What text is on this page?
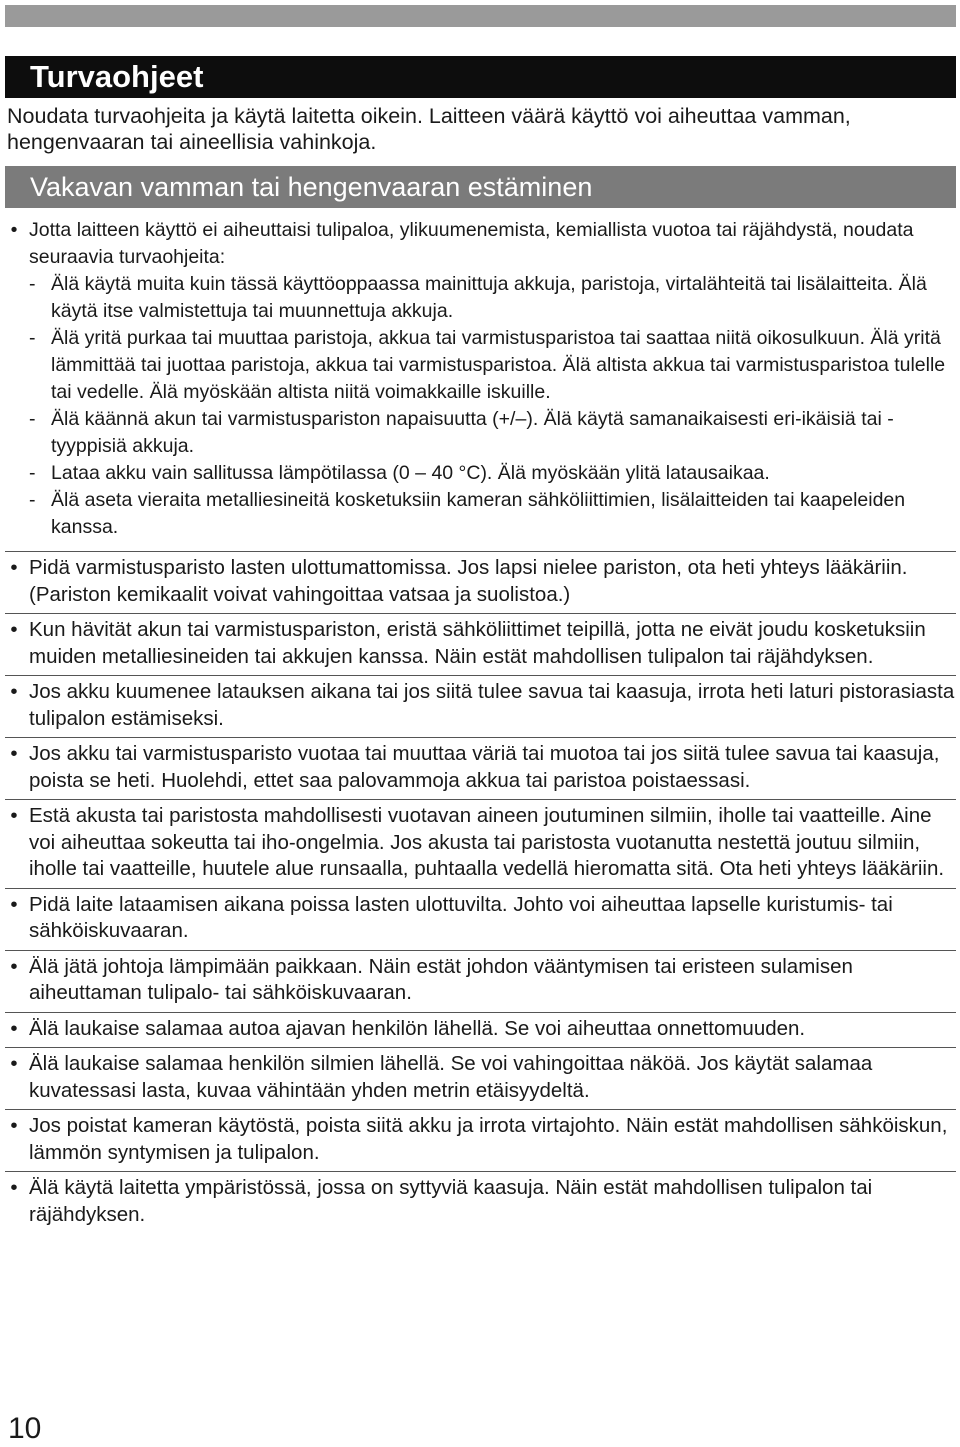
Turvaohjeet

Noudata turvaohjeita ja käytä laitetta oikein. Laitteen väärä käyttö voi aiheuttaa vamman, hengenvaaran tai aineellisia vahinkoja.

Vakavan vamman tai hengenvaaran estäminen
• Jotta laitteen käyttö ei aiheuttaisi tulipaloa, ylikuumenemista, kemiallista vuotoa tai räjähdystä, noudata seuraavia turvaohjeita:
- Älä käytä muita kuin tässä käyttöoppaassa mainittuja akkuja, paristoja, virtalähteitä tai lisälaitteita. Älä käytä itse valmistettuja tai muunnettuja akkuja.
- Älä yritä purkaa tai muuttaa paristoja, akkua tai varmistusparistoa tai saattaa niitä oikosulkuun. Älä yritä lämmittää tai juottaa paristoja, akkua tai varmistusparistoa. Älä altista akkua tai varmistusparistoa tulelle tai vedelle. Älä myöskään altista niitä voimakkaille iskuille.
- Älä käännä akun tai varmistuspariston napaisuutta (+/–). Älä käytä samanaikaisesti eri-ikäisiä tai -tyyppisiä akkuja.
- Lataa akku vain sallitussa lämpötilassa (0 – 40 °C). Älä myöskään ylitä latausaikaa.
- Älä aseta vieraita metalliesineitä kosketuksiin kameran sähköliittimien, lisälaitteiden tai kaapeleiden kanssa.
• Pidä varmistusparisto lasten ulottumattomissa. Jos lapsi nielee pariston, ota heti yhteys lääkäriin. (Pariston kemikaalit voivat vahingoittaa vatsaa ja suolistoa.)
• Kun hävität akun tai varmistuspariston, eristä sähköliittimet teipillä, jotta ne eivät joudu kosketuksiin muiden metalliesineiden tai akkujen kanssa. Näin estät mahdollisen tulipalon tai räjähdyksen.
• Jos akku kuumenee latauksen aikana tai jos siitä tulee savua tai kaasuja, irrota heti laturi pistorasiasta tulipalon estämiseksi.
• Jos akku tai varmistusparisto vuotaa tai muuttaa väriä tai muotoa tai jos siitä tulee savua tai kaasuja, poista se heti. Huolehdi, ettet saa palovammoja akkua tai paristoa poistaessasi.
• Estä akusta tai paristosta mahdollisesti vuotavan aineen joutuminen silmiin, iholle tai vaatteille. Aine voi aiheuttaa sokeutta tai iho-ongelmia. Jos akusta tai paristosta vuotanutta nestettä joutuu silmiin, iholle tai vaatteille, huutele alue runsaalla, puhtaalla vedellä hieromatta sitä. Ota heti yhteys lääkäriin.
• Pidä laite lataamisen aikana poissa lasten ulottuvilta. Johto voi aiheuttaa lapselle kuristumis- tai sähköiskuvaaran.
• Älä jätä johtoja lämpimään paikkaan. Näin estät johdon vääntymisen tai eristeen sulamisen aiheuttaman tulipalo- tai sähköiskuvaaran.
• Älä laukaise salamaa autoa ajavan henkilön lähellä. Se voi aiheuttaa onnettomuuden.
• Älä laukaise salamaa henkilön silmien lähellä. Se voi vahingoittaa näköä. Jos käytät salamaa kuvatessasi lasta, kuvaa vähintään yhden metrin etäisyydeltä.
• Jos poistat kameran käytöstä, poista siitä akku ja irrota virtajohto. Näin estät mahdollisen sähköiskun, lämmön syntymisen ja tulipalon.
• Älä käytä laitetta ympäristössä, jossa on syttyviä kaasuja. Näin estät mahdollisen tulipalon tai räjähdyksen.
10
